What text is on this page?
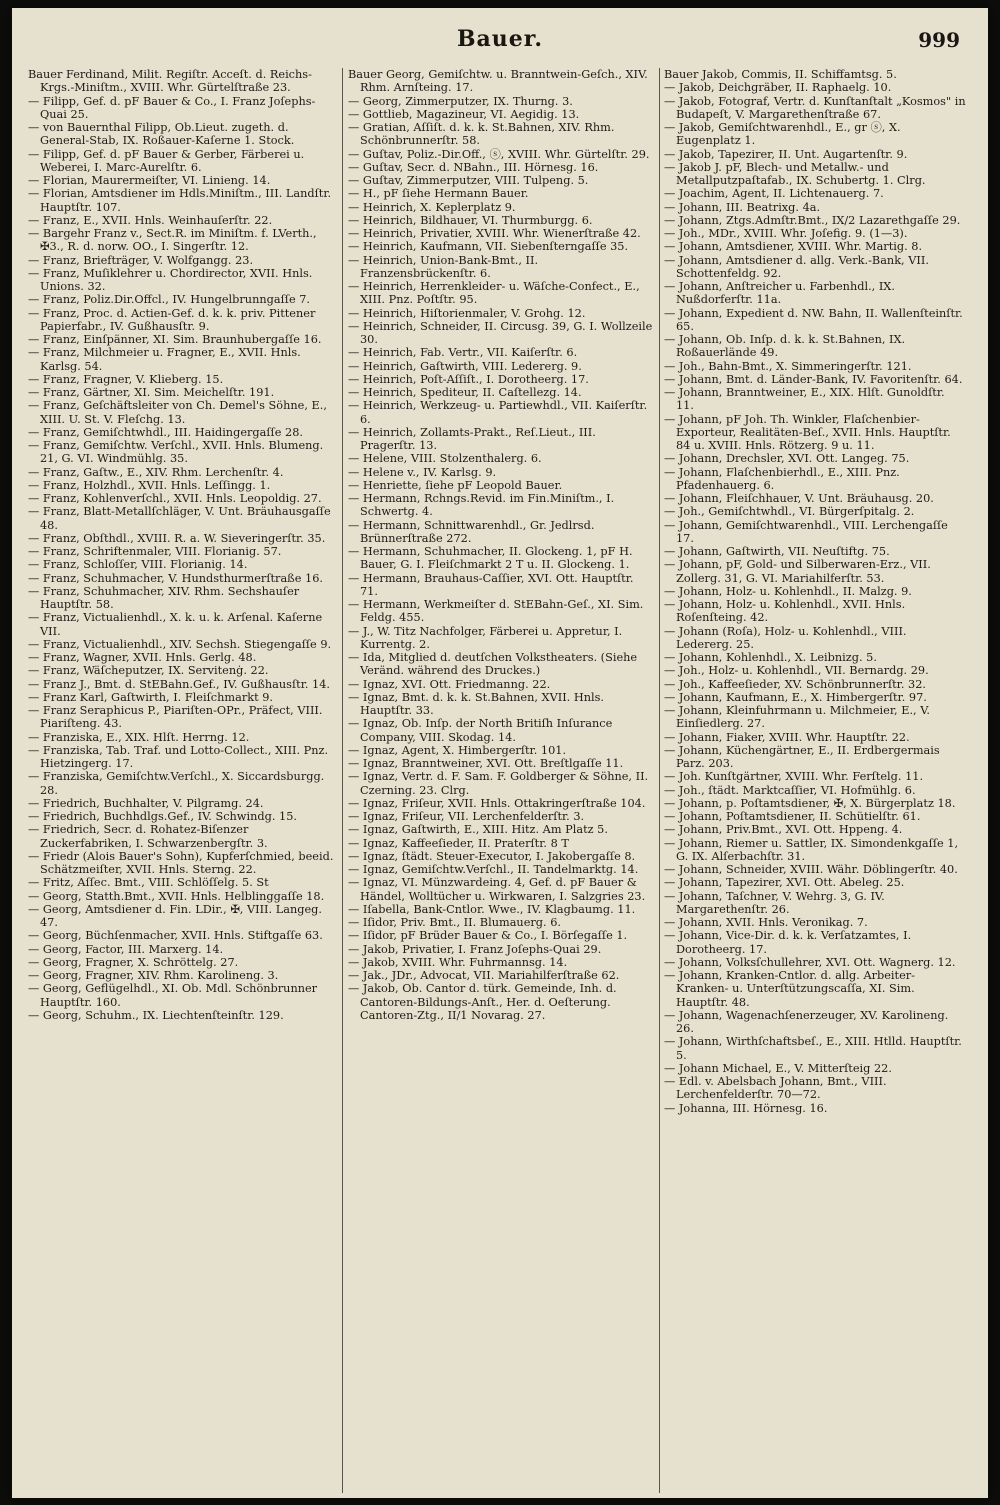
Bauer.	999

Bauer Ferdinand, Milit. Regiſtr. Acceſt. d. Reichs-Krgs.-Miniſtm., XVIII. Whr. Gürtelſtraße 23.

— Filipp, Gef. d. pF Bauer & Co., I. Franz Joſephs-Quai 25.

— von Bauernthal Filipp, Ob.Lieut. zugeth. d. General-Stab, IX. Roßauer-Kaſerne 1. Stock.

— Filipp, Gef. d. pF Bauer & Gerber, Färberei u. Weberei, I. Marc-Aurelſtr. 6.

— Florian, Maurermeiſter, VI. Linieng. 14.

— Florian, Amtsdiener im Hdls.Miniſtm., III. Landſtr. Hauptſtr. 107.

— Franz, E., XVII. Hnls. Weinhauſerſtr. 22.

— Bargehr Franz v., Sect.R. im Miniſtm. f. LVerth., ✠3., R. d. norw. OO., I. Singerſtr. 12.

— Franz, Briefträger, V. Wolfgangg. 23.

— Franz, Muſiklehrer u. Chordirector, XVII. Hnls. Unions. 32.

— Franz, Poliz.Dir.Offcl., IV. Hungelbrunngaſſe 7.

— Franz, Proc. d. Actien-Gef. d. k. k. priv. Pittener Papierfabr., IV. Gußhausſtr. 9.

— Franz, Einſpänner, XI. Sim. Braunhubergaſſe 16.

— Franz, Milchmeier u. Fragner, E., XVII. Hnls. Karlsg. 54.

— Franz, Fragner, V. Klieberg. 15.

— Franz, Gärtner, XI. Sim. Meichelſtr. 191.

— Franz, Geſchäftsleiter von Ch. Demel's Söhne, E., XIII. U. St. V. Fleſchg. 13.

— Franz, Gemiſchtwhdl., III. Haidingergaſſe 28.

— Franz, Gemiſchtw. Verſchl., XVII. Hnls. Blumeng. 21, G. VI. Windmühlg. 35.

— Franz, Gaſtw., E., XIV. Rhm. Lerchenſtr. 4.

— Franz, Holzhdl., XVII. Hnls. Leſſingg. 1.

— Franz, Kohlenverſchl., XVII. Hnls. Leopoldig. 27.

— Franz, Blatt-Metallſchläger, V. Unt. Bräuhausgaſſe 48.

— Franz, Obſthdl., XVIII. R. a. W. Sieveringerſtr. 35.

— Franz, Schriftenmaler, VIII. Florianig. 57.

— Franz, Schloſſer, VIII. Florianig. 14.

— Franz, Schuhmacher, V. Hundsthurmerſtraße 16.

— Franz, Schuhmacher, XIV. Rhm. Sechshauſer Hauptſtr. 58.

— Franz, Victualienhdl., X. k. u. k. Arſenal. Kaſerne VII.

— Franz, Victualienhdl., XIV. Sechsh. Stiegengaſſe 9.

— Franz, Wagner, XVII. Hnls. Gerlg. 48.

— Franz, Wäſcheputzer, IX. Servitenġ. 22.

— Franz J., Bmt. d. StEBahn.Gef., IV. Gußhausſtr. 14.

— Franz Karl, Gaſtwirth, I. Fleiſchmarkt 9.

— Franz Seraphicus P., Piariſten-OPr., Präfect, VIII. Piariſteng. 43.

— Franziska, E., XIX. Hlſt. Herrng. 12.

— Franziska, Tab. Traf. und Lotto-Collect., XIII. Pnz. Hietzingerg. 17.

— Franziska, Gemiſchtw.Verſchl., X. Siccardsburgg. 28.

— Friedrich, Buchhalter, V. Pilgramg. 24.

— Friedrich, Buchhdlgs.Gef., IV. Schwindg. 15.

— Friedrich, Secr. d. Rohatez-Biſenzer Zuckerfabriken, I. Schwarzenbergſtr. 3.

— Friedr (Alois Bauer's Sohn), Kupferſchmied, beeid. Schätzmeiſter, XVII. Hnls. Sterng. 22.

— Fritz, Aſſec. Bmt., VIII. Schlöſſelg. 5. St

— Georg, Statth.Bmt., XVII. Hnls. Helblinggaſſe 18.

— Georg, Amtsdiener d. Fin. LDir., ✠, VIII. Langeg. 47.

— Georg, Büchſenmacher, XVII. Hnls. Stiftgaſſe 63.

— Georg, Factor, III. Marxerg. 14.

— Georg, Fragner, X. Schröttelg. 27.

— Georg, Fragner, XIV. Rhm. Karolineng. 3.

— Georg, Geflügelhdl., XI. Ob. Mdl. Schönbrunner Hauptſtr. 160.

— Georg, Schuhm., IX. Liechtenſteinſtr. 129.

Bauer Georg, Gemiſchtw. u. Branntwein-Geſch., XIV. Rhm. Arnſteing. 17.

— Georg, Zimmerputzer, IX. Thurng. 3.

— Gottlieb, Magazineur, VI. Aegidig. 13.

— Gratian, Aſſiſt. d. k. k. St.Bahnen, XIV. Rhm. Schönbrunnerſtr. 58.

— Guſtav, Poliz.-Dir.Off., ⓢ, XVIII. Whr. Gürtelſtr. 29.

— Guſtav, Secr. d. NBahn., III. Hörnesg. 16.

— Guſtav, Zimmerputzer, VIII. Tulpeng. 5.

— H., pF ſiehe Hermann Bauer.

— Heinrich, X. Keplerplatz 9.

— Heinrich, Bildhauer, VI. Thurmburgg. 6.

— Heinrich, Privatier, XVIII. Whr. Wienerſtraße 42.

— Heinrich, Kaufmann, VII. Siebenſterngaſſe 35.

— Heinrich, Union-Bank-Bmt., II. Franzensbrückenſtr. 6.

— Heinrich, Herrenkleider- u. Wäſche-Confect., E., XIII. Pnz. Poſtſtr. 95.

— Heinrich, Hiſtorienmaler, V. Grohg. 12.

— Heinrich, Schneider, II. Circusg. 39, G. I. Wollzeile 30.

— Heinrich, Fab. Vertr., VII. Kaiſerſtr. 6.

— Heinrich, Gaſtwirth, VIII. Ledererg. 9.

— Heinrich, Poſt-Aſſiſt., I. Dorotheerg. 17.

— Heinrich, Spediteur, II. Caſtellezg. 14.

— Heinrich, Werkzeug- u. Partiewhdl., VII. Kaiſerſtr. 6.

— Heinrich, Zollamts-Prakt., Reſ.Lieut., III. Pragerſtr. 13.

— Helene, VIII. Stolzenthalerg. 6.

— Helene v., IV. Karlsg. 9.

— Henriette, ſiehe pF Leopold Bauer.

— Hermann, Rchngs.Revid. im Fin.Miniſtm., I. Schwertg. 4.

— Hermann, Schnittwarenhdl., Gr. Jedlrsd. Brünnerſtraße 272.

— Hermann, Schuhmacher, II. Glockeng. 1, pF H. Bauer, G. I. Fleiſchmarkt 2 T u. II. Glockeng. 1.

— Hermann, Brauhaus-Caſſier, XVI. Ott. Hauptſtr. 71.

— Hermann, Werkmeiſter d. StEBahn-Geſ., XI. Sim. Feldg. 455.

— J., W. Titz Nachfolger, Färberei u. Appretur, I. Kurrentg. 2.

— Ida, Mitglied d. deutſchen Volkstheaters. (Siehe Veränd. während des Druckes.)

— Ignaz, XVI. Ott. Friedmanng. 22.

— Ignaz, Bmt. d. k. k. St.Bahnen, XVII. Hnls. Hauptſtr. 33.

— Ignaz, Ob. Inſp. der North Britiſh Inſurance Company, VIII. Skodag. 14.

— Ignaz, Agent, X. Himbergerſtr. 101.

— Ignaz, Branntweiner, XVI. Ott. Breſtlgaſſe 11.

— Ignaz, Vertr. d. F. Sam. F. Goldberger & Söhne, II. Czerning. 23. Clrg.

— Ignaz, Friſeur, XVII. Hnls. Ottakringerſtraße 104.

— Ignaz, Friſeur, VII. Lerchenfelderſtr. 3.

— Ignaz, Gaſtwirth, E., XIII. Hitz. Am Platz 5.

— Ignaz, Kaffeeſieder, II. Praterſtr. 8 T

— Ignaz, ſtädt. Steuer-Executor, I. Jakobergaſſe 8.

— Ignaz, Gemiſchtw.Verſchl., II. Tandelmarktg. 14.

— Ignaz, VI. Münzwardeing. 4, Gef. d. pF Bauer & Händel, Wolltücher u. Wirkwaren, I. Salzgries 23.

— Iſabella, Bank-Cntlor. Wwe., IV. Klagbaumg. 11.

— Iſidor, Priv. Bmt., II. Blumauerg. 6.

— Iſidor, pF Brüder Bauer & Co., I. Börſegaſſe 1.

— Jakob, Privatier, I. Franz Joſephs-Quai 29.

— Jakob, XVIII. Whr. Fuhrmannsg. 14.

— Jak., JDr., Advocat, VII. Mariahilferſtraße 62.

— Jakob, Ob. Cantor d. türk. Gemeinde, Inh. d. Cantoren-Bildungs-Anſt., Her. d. Oeſterung. Cantoren-Ztg., II/1 Novarag. 27.

Bauer Jakob, Commis, II. Schiffamtsg. 5.

— Jakob, Deichgräber, II. Raphaelg. 10.

— Jakob, Fotograf, Vertr. d. Kunſtanſtalt „Kosmos" in Budapeſt, V. Margarethenſtraße 67.

— Jakob, Gemiſchtwarenhdl., E., gr ⓢ, X. Eugenplatz 1.

— Jakob, Tapezirer, II. Unt. Augartenſtr. 9.

— Jakob J. pF, Blech- und Metallw.- und Metallputzpaſtafab., IX. Schubertg. 1. Clrg.

— Joachim, Agent, II. Lichtenauerg. 7.

— Johann, III. Beatrixg. 4a.

— Johann, Ztgs.Admſtr.Bmt., IX/2 Lazarethgaſſe 29.

— Joh., MDr., XVIII. Whr. Joſefig. 9. (1—3).

— Johann, Amtsdiener, XVIII. Whr. Martig. 8.

— Johann, Amtsdiener d. allg. Verk.-Bank, VII. Schottenfeldg. 92.

— Johann, Anſtreicher u. Farbenhdl., IX. Nußdorferſtr. 11a.

— Johann, Expedient d. NW. Bahn, II. Wallenſteinſtr. 65.

— Johann, Ob. Inſp. d. k. k. St.Bahnen, IX. Roßauerlände 49.

— Joh., Bahn-Bmt., X. Simmeringerſtr. 121.

— Johann, Bmt. d. Länder-Bank, IV. Favoritenſtr. 64.

— Johann, Branntweiner, E., XIX. Hlſt. Gunoldſtr. 11.

— Johann, pF Joh. Th. Winkler, Flaſchenbier-Exporteur, Realitäten-Beſ., XVII. Hnls. Hauptſtr. 84 u. XVIII. Hnls. Rötzerg. 9 u. 11.

— Johann, Drechsler, XVI. Ott. Langeg. 75.

— Johann, Flaſchenbierhdl., E., XIII. Pnz. Pfadenhauerg. 6.

— Johann, Fleiſchhauer, V. Unt. Bräuhausg. 20.

— Joh., Gemiſchtwhdl., VI. Bürgerſpitalg. 2.

— Johann, Gemiſchtwarenhdl., VIII. Lerchengaſſe 17.

— Johann, Gaſtwirth, VII. Neuſtiftg. 75.

— Johann, pF, Gold- und Silberwaren-Erz., VII. Zollerg. 31, G. VI. Mariahilferſtr. 53.

— Johann, Holz- u. Kohlenhdl., II. Malzg. 9.

— Johann, Holz- u. Kohlenhdl., XVII. Hnls. Roſenſteing. 42.

— Johann (Roſa), Holz- u. Kohlenhdl., VIII. Ledererg. 25.

— Johann, Kohlenhdl., X. Leibnizg. 5.

— Joh., Holz- u. Kohlenhdl., VII. Bernardg. 29.

— Joh., Kaffeeſieder, XV. Schönbrunnerſtr. 32.

— Johann, Kaufmann, E., X. Himbergerſtr. 97.

— Johann, Kleinfuhrmann u. Milchmeier, E., V. Einſiedlerg. 27.

— Johann, Fiaker, XVIII. Whr. Hauptſtr. 22.

— Johann, Küchengärtner, E., II. Erdbergermais Parz. 203.

— Joh. Kunſtgärtner, XVIII. Whr. Ferſtelg. 11.

— Joh., ſtädt. Marktcaſſier, VI. Hofmühlg. 6.

— Johann, p. Poſtamtsdiener, ✠, X. Bürgerplatz 18.

— Johann, Poſtamtsdiener, II. Schütielſtr. 61.

— Johann, Priv.Bmt., XVI. Ott. Hppeng. 4.

— Johann, Riemer u. Sattler, IX. Simondenkgaſſe 1, G. IX. Alſerbachſtr. 31.

— Johann, Schneider, XVIII. Währ. Döblingerſtr. 40.

— Johann, Tapezirer, XVI. Ott. Abeleg. 25.

— Johann, Taſchner, V. Wehrg. 3, G. IV. Margarethenſtr. 26.

— Johann, XVII. Hnls. Veronikag. 7.

— Johann, Vice-Dir. d. k. k. Verſatzamtes, I. Dorotheerg. 17.

— Johann, Volksſchullehrer, XVI. Ott. Wagnerg. 12.

— Johann, Kranken-Cntlor. d. allg. Arbeiter-Kranken- u. Unterſtützungscaſſa, XI. Sim. Hauptſtr. 48.

— Johann, Wagenachſenerzeuger, XV. Karolineng. 26.

— Johann, Wirthſchaftsbeſ., E., XIII. Htlld. Hauptſtr. 5.

— Johann Michael, E., V. Mitterſteig 22.

— Edl. v. Abelsbach Johann, Bmt., VIII. Lerchenfelderſtr. 70—72.

— Johanna, III. Hörnesg. 16.
